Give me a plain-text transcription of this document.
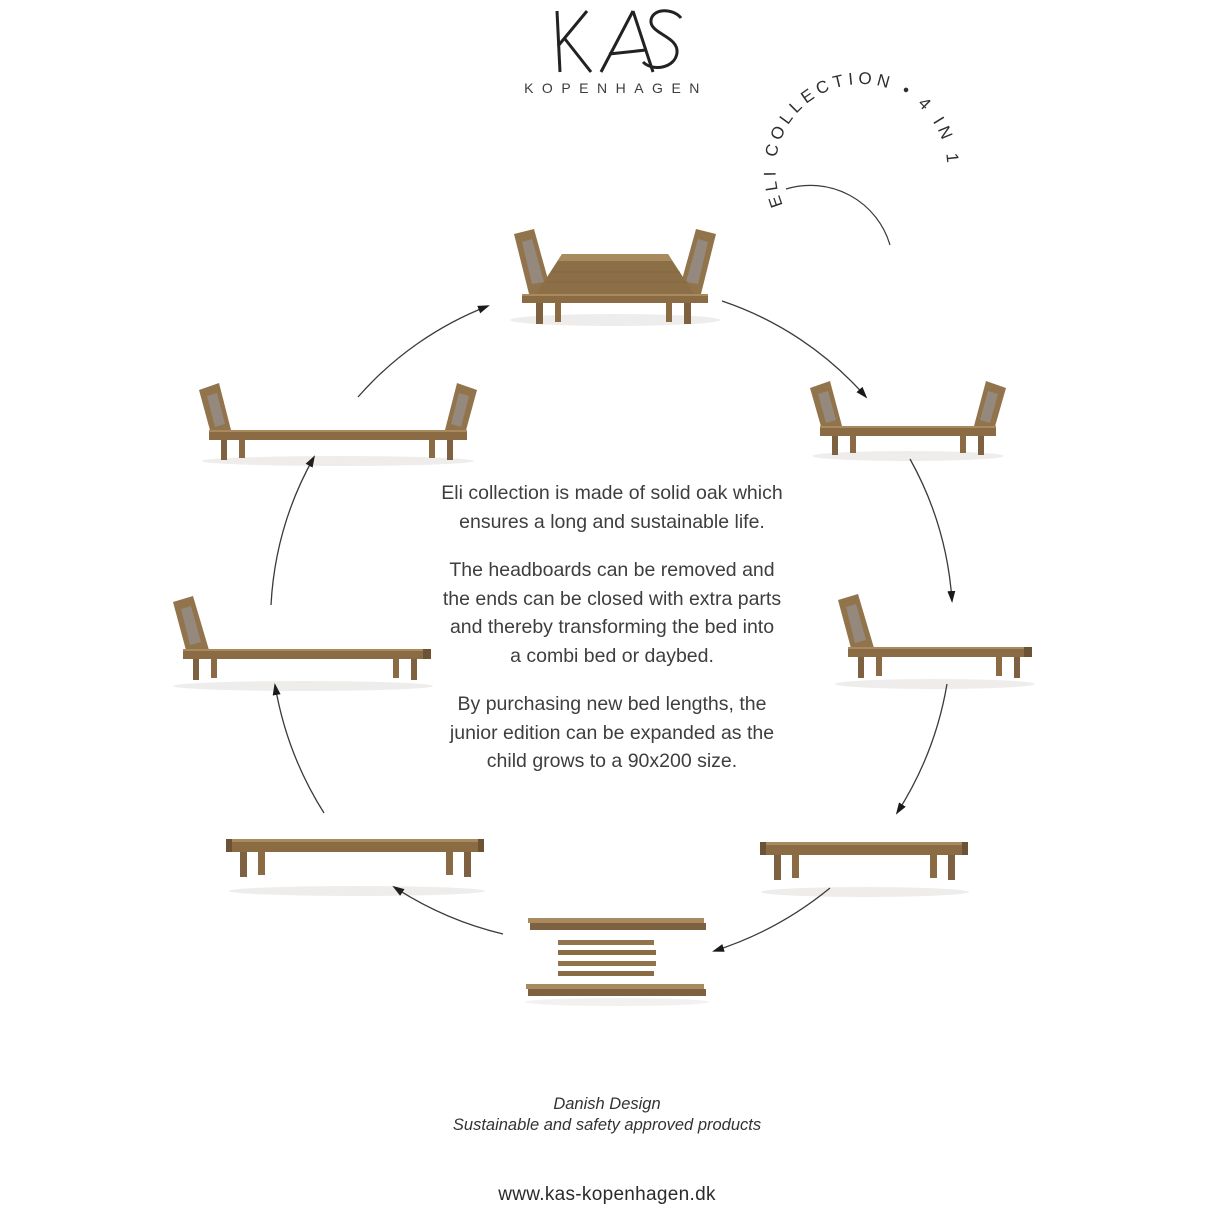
KOPENHAGEN
ELI COLLECTION • 4 IN 1
Eli collection is made of solid oak which
ensures a long and sustainable life.
The headboards can be removed and
the ends can be closed with extra parts
and thereby transforming the bed into
a combi bed or daybed.
By purchasing new bed lengths, the
junior edition can be expanded as the
child grows to a 90x200 size.
Danish Design
Sustainable and safety approved products
www.kas-kopenhagen.dk
